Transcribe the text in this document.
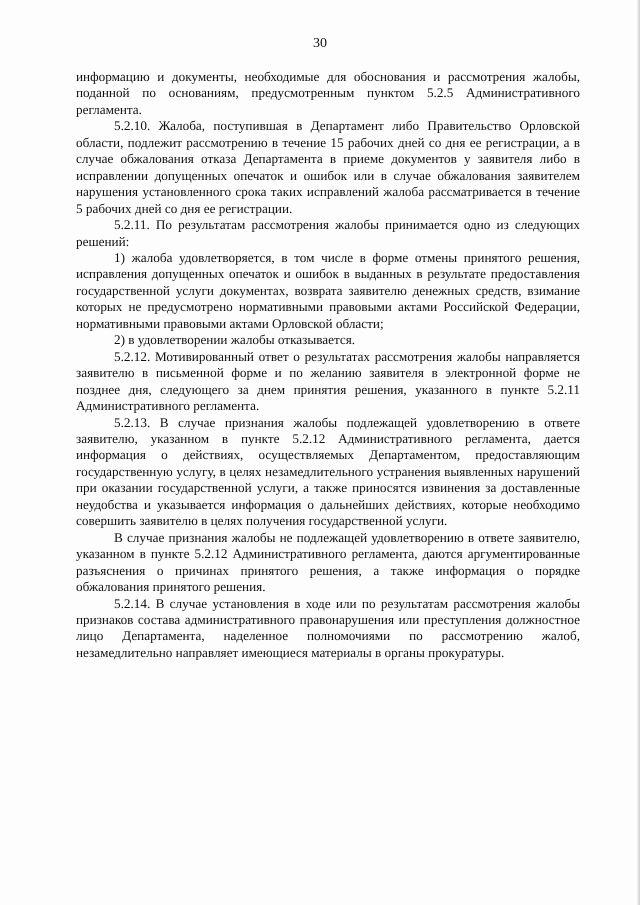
30

информацию и документы, необходимые для обоснования и рассмотрения жалобы, поданной по основаниям, предусмотренным пунктом 5.2.5 Административного регламента.

5.2.10. Жалоба, поступившая в Департамент либо Правительство Орловской области, подлежит рассмотрению в течение 15 рабочих дней со дня ее регистрации, а в случае обжалования отказа Департамента в приеме документов у заявителя либо в исправлении допущенных опечаток и ошибок или в случае обжалования заявителем нарушения установленного срока таких исправлений жалоба рассматривается в течение 5 рабочих дней со дня ее регистрации.

5.2.11. По результатам рассмотрения жалобы принимается одно из следующих решений:

1) жалоба удовлетворяется, в том числе в форме отмены принятого решения, исправления допущенных опечаток и ошибок в выданных в результате предоставления государственной услуги документах, возврата заявителю денежных средств, взимание которых не предусмотрено нормативными правовыми актами Российской Федерации, нормативными правовыми актами Орловской области;

2) в удовлетворении жалобы отказывается.

5.2.12. Мотивированный ответ о результатах рассмотрения жалобы направляется заявителю в письменной форме и по желанию заявителя в электронной форме не позднее дня, следующего за днем принятия решения, указанного в пункте 5.2.11 Административного регламента.

5.2.13. В случае признания жалобы подлежащей удовлетворению в ответе заявителю, указанном в пункте 5.2.12 Административного регламента, дается информация о действиях, осуществляемых Департаментом, предоставляющим государственную услугу, в целях незамедлительного устранения выявленных нарушений при оказании государственной услуги, а также приносятся извинения за доставленные неудобства и указывается информация о дальнейших действиях, которые необходимо совершить заявителю в целях получения государственной услуги.

В случае признания жалобы не подлежащей удовлетворению в ответе заявителю, указанном в пункте 5.2.12 Административного регламента, даются аргументированные разъяснения о причинах принятого решения, а также информация о порядке обжалования принятого решения.

5.2.14. В случае установления в ходе или по результатам рассмотрения жалобы признаков состава административного правонарушения или преступления должностное лицо Департамента, наделенное полномочиями по рассмотрению жалоб, незамедлительно направляет имеющиеся материалы в органы прокуратуры.
